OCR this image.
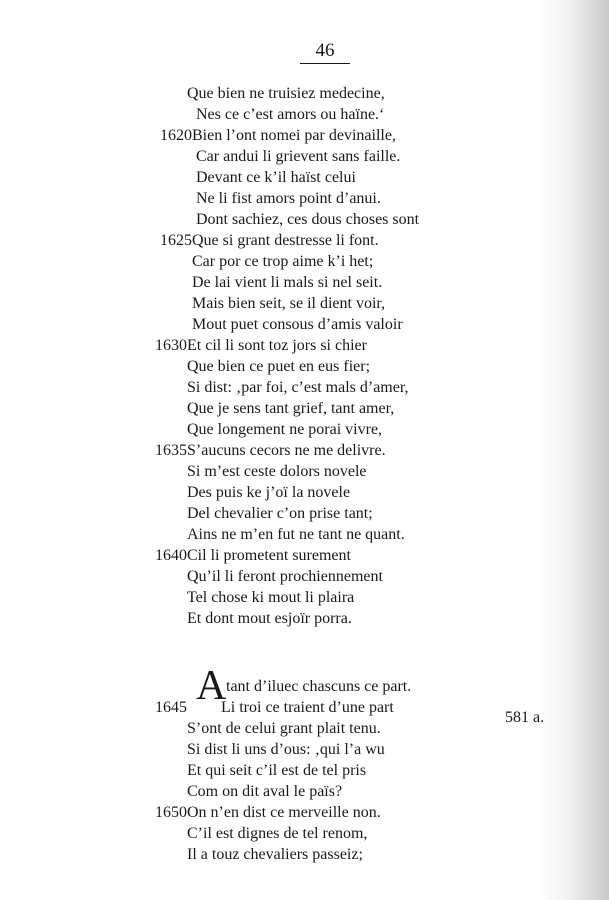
46
Que bien ne truisiez medecine,
Nes ce c’est amors ou haïne.‘
Bien l’ont nomei par devinaille,
Car andui li grievent sans faille.
Devant ce k’il haïst celui
Ne li fist amors point d’anui.
Dont sachiez, ces dous choses sont
Que si grant destresse li font.
Car por ce trop aime k’i het;
De lai vient li mals si nel seit.
Mais bien seit, se il dient voir,
Mout puet consous d’amis valoir
Et cil li sont toz jors si chier
Que bien ce puet en eus fier;
Si dist: ‚par foi, c’est mals d’amer,
Que je sens tant grief, tant amer,
Que longement ne porai vivre,
S’aucuns cecors ne me delivre.
Si m’est ceste dolors novele
Des puis ke j’oï la novele
Del chevalier c’on prise tant;
Ains ne m’en fut ne tant ne quant.
Cil li prometent surement
Qu’il li feront prochiennement
Tel chose ki mout li plaira
Et dont mout esjoïr porra.
A tant d’iluec chascuns ce part.
Li troi ce traient d’une part
S’ont de celui grant plait tenu.
Si dist li uns d’ous: ‚qui l’a wu
Et qui seit c’il est de tel pris
Com on dit aval le païs?
On n’en dist ce merveille non.
C’il est dignes de tel renom,
Il a touz chevaliers passeiz;
1620
1625
1630
1635
1640
1645
1650
581 a.
